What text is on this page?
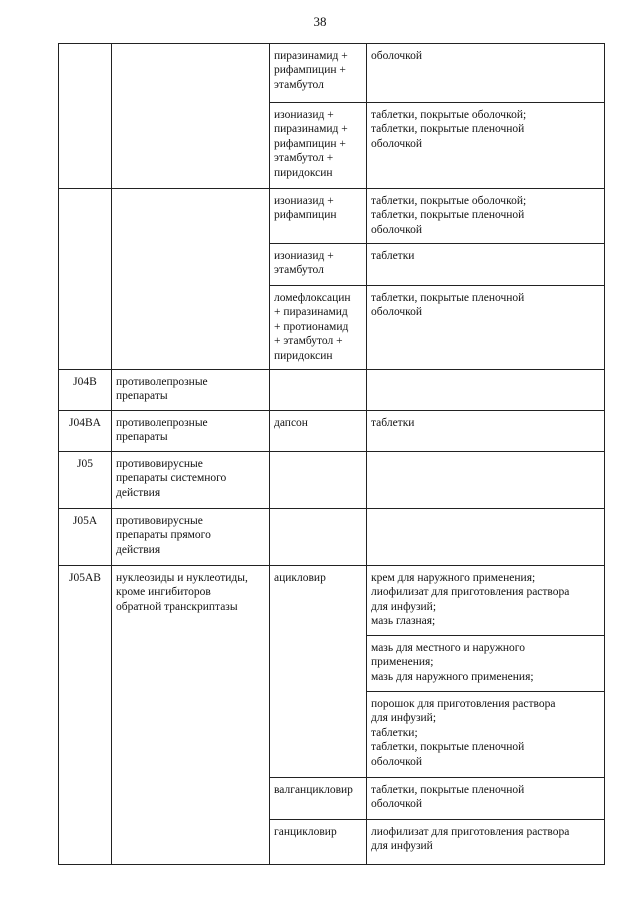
38
		пиразинамид +
рифампицин +
этамбутол	оболочкой
		изониазид +
пиразинамид +
рифампицин +
этамбутол +
пиридоксин	таблетки, покрытые оболочкой;
таблетки, покрытые пленочной
оболочкой
		изониазид +
рифампицин	таблетки, покрытые оболочкой;
таблетки, покрытые пленочной
оболочкой
		изониазид +
этамбутол	таблетки
		ломефлоксацин
+ пиразинамид
+ протионамид
+ этамбутол +
пиридоксин	таблетки, покрытые пленочной
оболочкой
J04B	противолепрозные
препараты		
J04BA	противолепрозные
препараты	дапсон	таблетки
J05	противовирусные
препараты системного
действия		
J05A	противовирусные
препараты прямого
действия		
J05AB	нуклеозиды и нуклеотиды,
кроме ингибиторов
обратной транскриптазы	ацикловир	крем для наружного применения;
лиофилизат для приготовления раствора
для инфузий;
мазь глазная;
			мазь для местного и наружного
применения;
мазь для наружного применения;
			порошок для приготовления раствора
для инфузий;
таблетки;
таблетки, покрытые пленочной
оболочкой
		валганцикловир	таблетки, покрытые пленочной
оболочкой
		ганцикловир	лиофилизат для приготовления раствора
для инфузий
